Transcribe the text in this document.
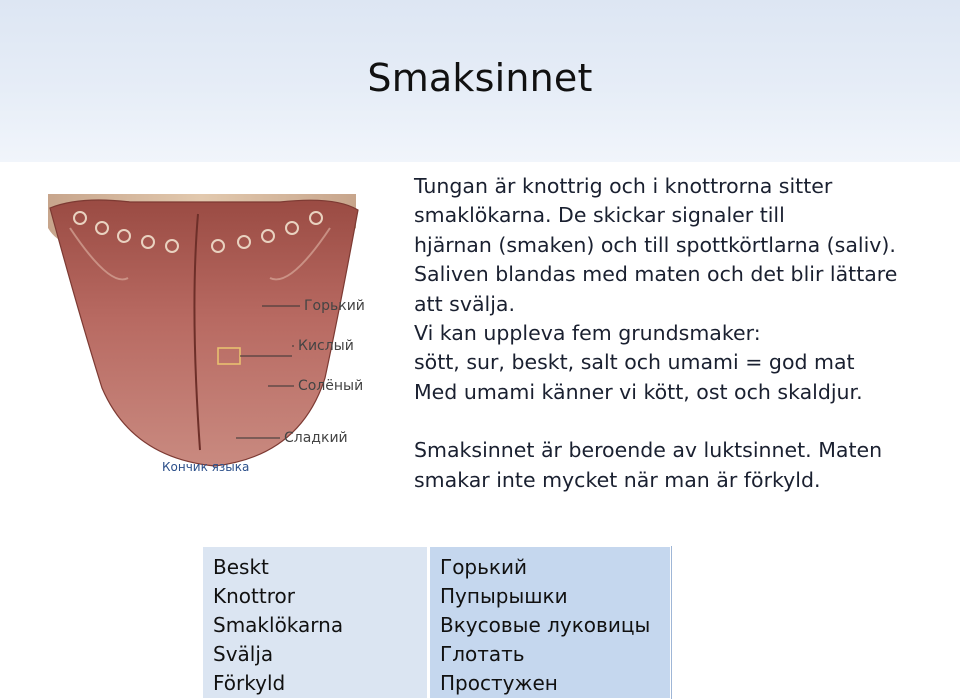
Smaksinnet
Горький
Кислый
Солёный
Сладкий
Кончик языка

Tungan är knottrig och i knottrorna sitter

smaklökarna. De skickar signaler till

hjärnan (smaken) och till spottkörtlarna (saliv).

Saliven blandas med maten och det blir lättare

att svälja.

Vi kan uppleva fem grundsmaker:

sött, sur, beskt, salt och umami = god mat

Med umami känner vi kött, ost och skaldjur.

Smaksinnet är beroende av luktsinnet. Maten

smakar inte mycket när man är förkyld.

Beskt
Knottror
Smaklökarna
Svälja
Förkyld
Горький
Пупырышки
Вкусовые луковицы
Глотать
Простужен
